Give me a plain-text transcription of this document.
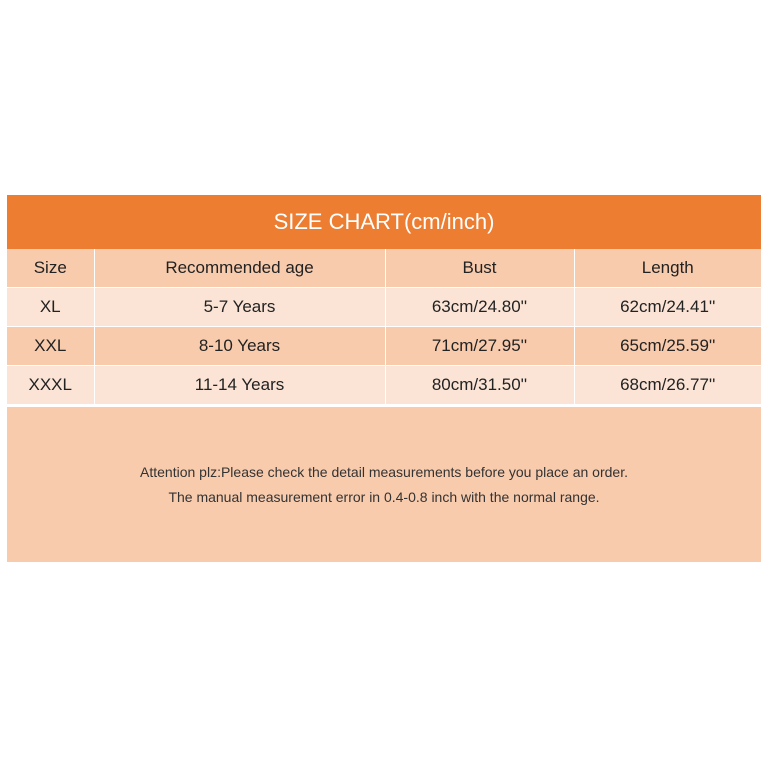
SIZE CHART(cm/inch)
Size	Recommended age	Bust	Length
XL	5-7 Years	63cm/24.80''	62cm/24.41''
XXL	8-10 Years	71cm/27.95''	65cm/25.59''
XXXL	11-14 Years	80cm/31.50''	68cm/26.77''
Attention plz:Please check the detail measurements before you place an order.
The manual measurement error in 0.4-0.8 inch with the normal range.
